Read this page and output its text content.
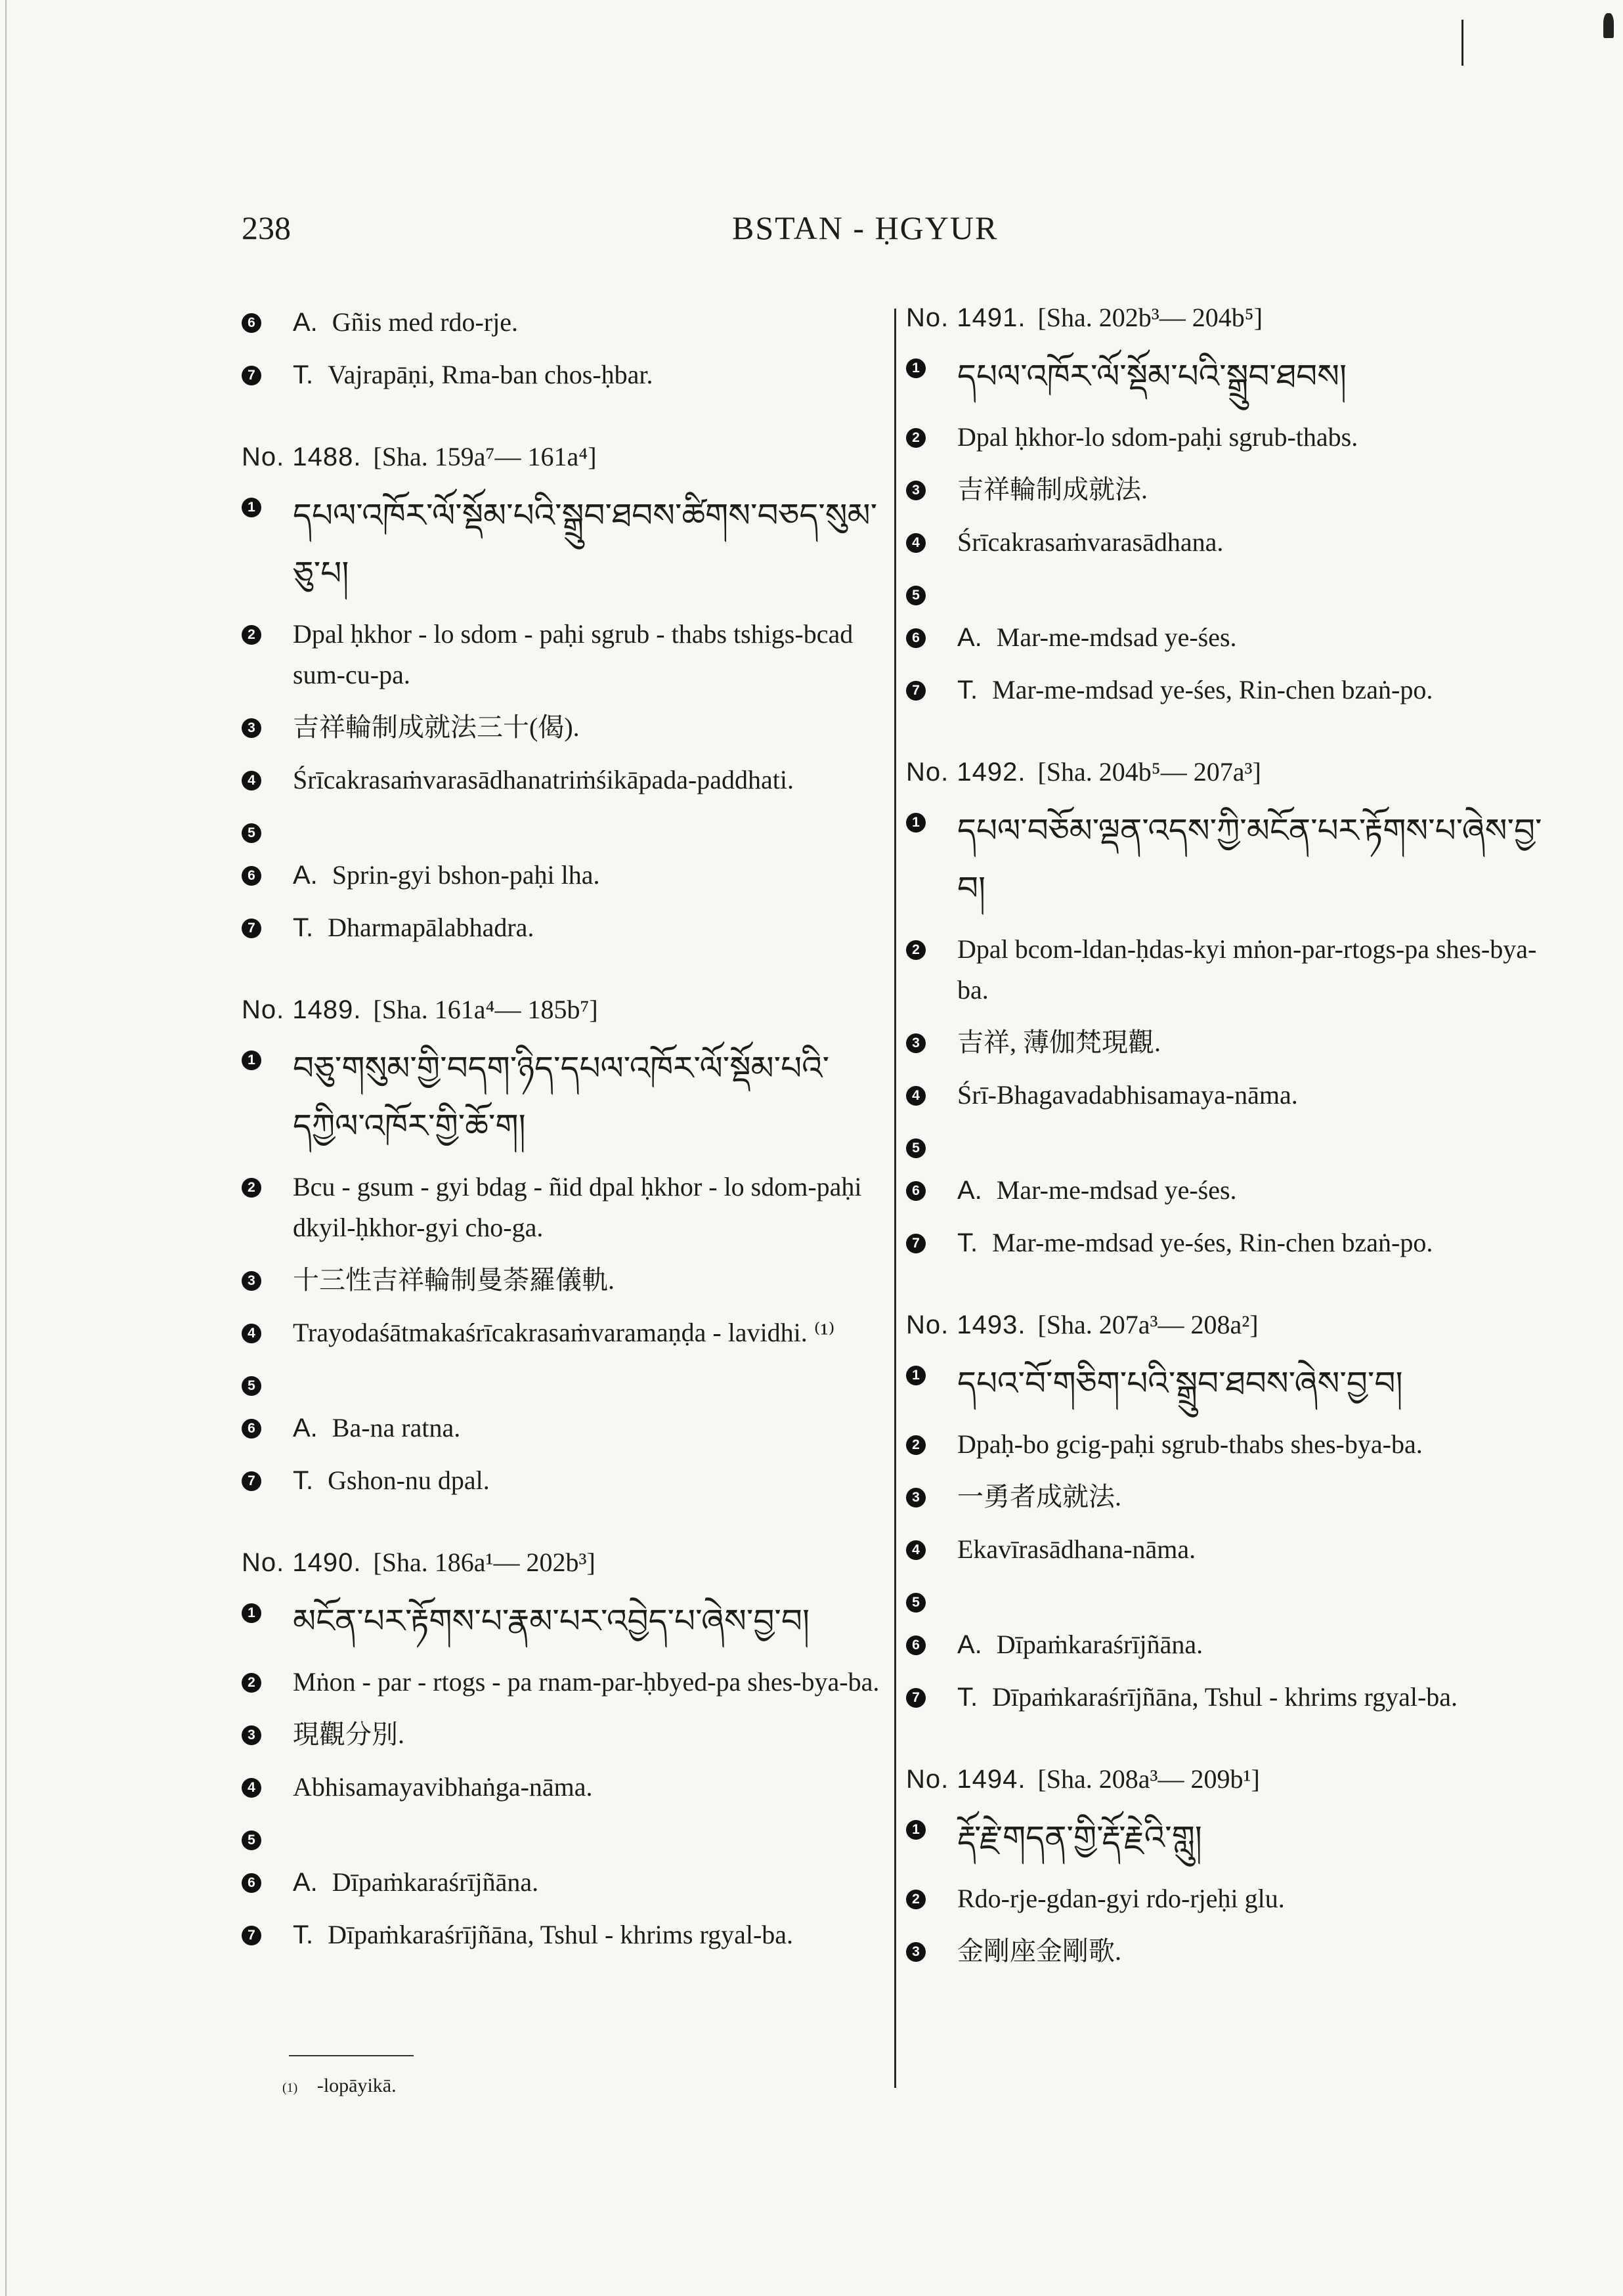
238	BSTAN - ḤGYUR
6 A. Gñis med rdo-rje.
7 T. Vajrapāṇi, Rma-ban chos-ḥbar.
No. 1488. [Sha. 159a⁷— 161a⁴]
1 དཔལ་འཁོར་ལོ་སྡོམ་པའི་སྒྲུབ་ཐབས་ཚིགས་བཅད་སུམ་ཅུ་པ།
2 Dpal ḥkhor - lo sdom - paḥi sgrub - thabs tshigs-bcad sum-cu-pa.
3 吉祥輪制成就法三十(偈).
4 Śrīcakrasaṁvarasādhanatriṁśikāpada-paddhati.
5
6 A. Sprin-gyi bshon-paḥi lha.
7 T. Dharmapālabhadra.
No. 1489. [Sha. 161a⁴— 185b⁷]
1 བཅུ་གསུམ་གྱི་བདག་ཉིད་དཔལ་འཁོར་ལོ་སྡོམ་པའི་དཀྱིལ་འཁོར་གྱི་ཆོ་ག།
2 Bcu - gsum - gyi bdag - ñid dpal ḥkhor - lo sdom-paḥi dkyil-ḥkhor-gyi cho-ga.
3 十三性吉祥輪制曼荼羅儀軌.
4 Trayodaśātmakaśrīcakrasaṁvaramaṇḍa - lavidhi. ⁽¹⁾
5
6 A. Ba-na ratna.
7 T. Gshon-nu dpal.
No. 1490. [Sha. 186a¹— 202b³]
1 མངོན་པར་རྟོགས་པ་རྣམ་པར་འབྱེད་པ་ཞེས་བྱ་བ།
2 Mṅon - par - rtogs - pa rnam-par-ḥbyed-pa shes-bya-ba.
3 現觀分別.
4 Abhisamayavibhaṅga-nāma.
5
6 A. Dīpaṁkaraśrījñāna.
7 T. Dīpaṁkaraśrījñāna, Tshul - khrims rgyal-ba.
No. 1491. [Sha. 202b³— 204b⁵]
1 དཔལ་འཁོར་ལོ་སྡོམ་པའི་སྒྲུབ་ཐབས།
2 Dpal ḥkhor-lo sdom-paḥi sgrub-thabs.
3 吉祥輪制成就法.
4 Śrīcakrasaṁvarasādhana.
5
6 A. Mar-me-mdsad ye-śes.
7 T. Mar-me-mdsad ye-śes, Rin-chen bzaṅ-po.
No. 1492. [Sha. 204b⁵— 207a³]
1 དཔལ་བཅོམ་ལྡན་འདས་ཀྱི་མངོན་པར་རྟོགས་པ་ཞེས་བྱ་བ།
2 Dpal bcom-ldan-ḥdas-kyi mṅon-par-rtogs-pa shes-bya-ba.
3 吉祥, 薄伽梵現觀.
4 Śrī-Bhagavadabhisamaya-nāma.
5
6 A. Mar-me-mdsad ye-śes.
7 T. Mar-me-mdsad ye-śes, Rin-chen bzaṅ-po.
No. 1493. [Sha. 207a³— 208a²]
1 དཔའ་བོ་གཅིག་པའི་སྒྲུབ་ཐབས་ཞེས་བྱ་བ།
2 Dpaḥ-bo gcig-paḥi sgrub-thabs shes-bya-ba.
3 一勇者成就法.
4 Ekavīrasādhana-nāma.
5
6 A. Dīpaṁkaraśrījñāna.
7 T. Dīpaṁkaraśrījñāna, Tshul - khrims rgyal-ba.
No. 1494. [Sha. 208a³— 209b¹]
1 རྡོ་རྗེ་གདན་གྱི་རྡོ་རྗེའི་གླུ།
2 Rdo-rje-gdan-gyi rdo-rjeḥi glu.
3 金剛座金剛歌.
(1) -lopāyikā.
